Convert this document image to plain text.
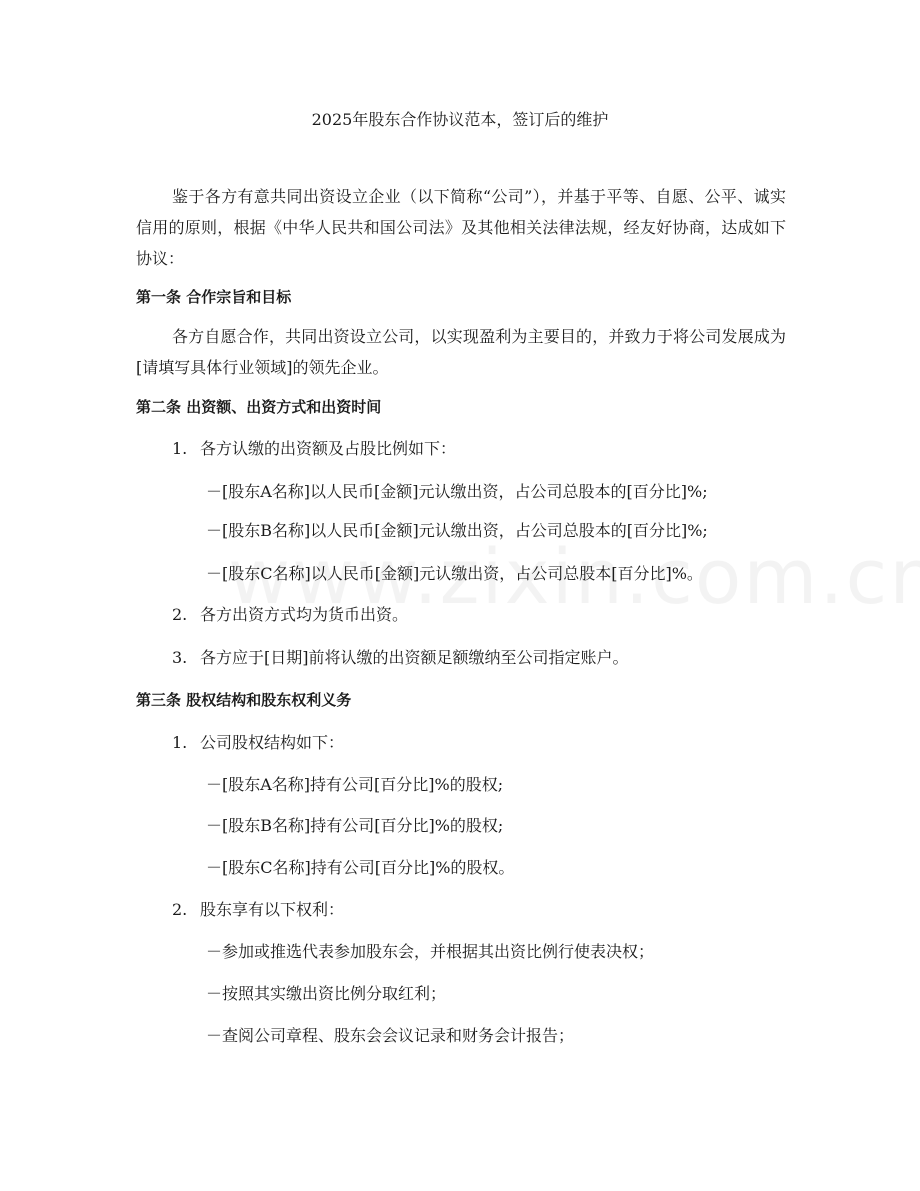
2025年股东合作协议范本，签订后的维护
鉴于各方有意共同出资设立企业（以下简称“公司”），并基于平等、自愿、公平、诚实信用的原则，根据《中华人民共和国公司法》及其他相关法律法规，经友好协商，达成如下协议：
第一条 合作宗旨和目标
各方自愿合作，共同出资设立公司，以实现盈利为主要目的，并致力于将公司发展成为[请填写具体行业领域]的领先企业。
第二条 出资额、出资方式和出资时间
1. 各方认缴的出资额及占股比例如下：
－[股东A名称]以人民币[金额]元认缴出资，占公司总股本的[百分比]%;
－[股东B名称]以人民币[金额]元认缴出资，占公司总股本的[百分比]%;
－[股东C名称]以人民币[金额]元认缴出资，占公司总股本[百分比]%。
2. 各方出资方式均为货币出资。
3. 各方应于[日期]前将认缴的出资额足额缴纳至公司指定账户。
第三条 股权结构和股东权利义务
1. 公司股权结构如下：
－[股东A名称]持有公司[百分比]%的股权;
－[股东B名称]持有公司[百分比]%的股权;
－[股东C名称]持有公司[百分比]%的股权。
2. 股东享有以下权利：
－参加或推选代表参加股东会，并根据其出资比例行使表决权；
－按照其实缴出资比例分取红利；
－查阅公司章程、股东会会议记录和财务会计报告；
